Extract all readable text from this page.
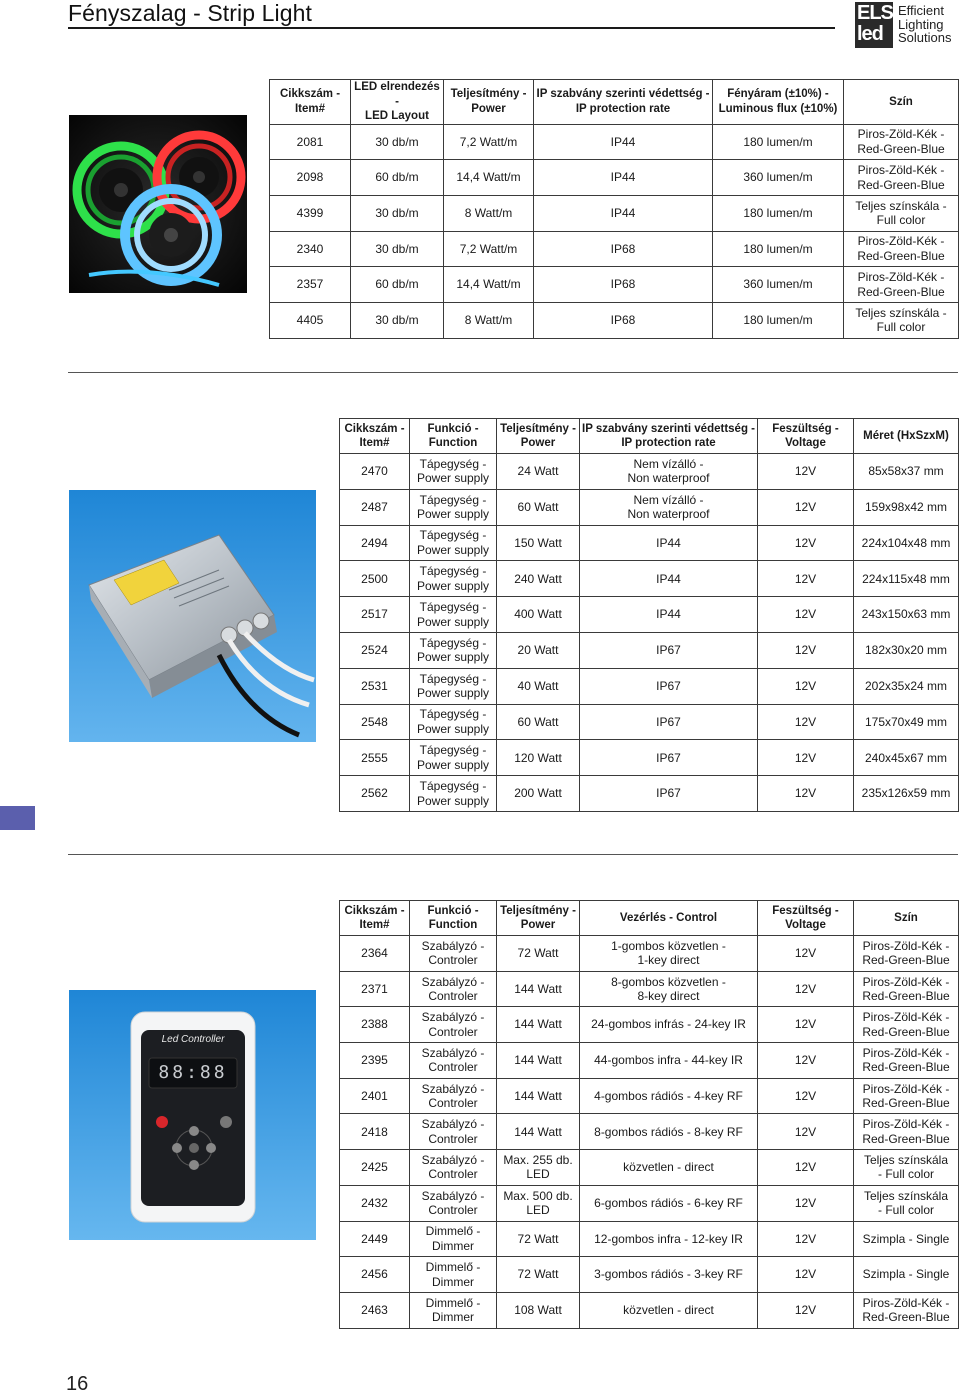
Fényszalag - Strip Light	ELS
led
Efficient
Lighting
Solutions
Cikkszám -
Item#	LED elrendezés -
LED Layout	Teljesítmény -
Power	IP szabvány szerinti védettség -
IP protection rate	Fényáram (±10%) -
Luminous flux (±10%)	Szín
2081	30 db/m	7,2 Watt/m	IP44	180 lumen/m	Piros-Zöld-Kék -
Red-Green-Blue
2098	60 db/m	14,4 Watt/m	IP44	360 lumen/m	Piros-Zöld-Kék -
Red-Green-Blue
4399	30 db/m	8 Watt/m	IP44	180 lumen/m	Teljes színskála -
Full color
2340	30 db/m	7,2 Watt/m	IP68	180 lumen/m	Piros-Zöld-Kék -
Red-Green-Blue
2357	60 db/m	14,4 Watt/m	IP68	360 lumen/m	Piros-Zöld-Kék -
Red-Green-Blue
4405	30 db/m	8 Watt/m	IP68	180 lumen/m	Teljes színskála -
Full color
Cikkszám -
Item#	Funkció -
Function	Teljesítmény -
Power	IP szabvány szerinti védettség -
IP protection rate	Feszültség -
Voltage	Méret (HxSzxM)
2470	Tápegység -
Power supply	24 Watt	Nem vízálló -
Non waterproof	12V	85x58x37 mm
2487	Tápegység -
Power supply	60 Watt	Nem vízálló -
Non waterproof	12V	159x98x42 mm
2494	Tápegység -
Power supply	150 Watt	IP44	12V	224x104x48 mm
2500	Tápegység -
Power supply	240 Watt	IP44	12V	224x115x48 mm
2517	Tápegység -
Power supply	400 Watt	IP44	12V	243x150x63 mm
2524	Tápegység -
Power supply	20 Watt	IP67	12V	182x30x20 mm
2531	Tápegység -
Power supply	40 Watt	IP67	12V	202x35x24 mm
2548	Tápegység -
Power supply	60 Watt	IP67	12V	175x70x49 mm
2555	Tápegység -
Power supply	120 Watt	IP67	12V	240x45x67 mm
2562	Tápegység -
Power supply	200 Watt	IP67	12V	235x126x59 mm
Led Controller
88:88
Cikkszám -
Item#	Funkció -
Function	Teljesítmény -
Power	Vezérlés - Control	Feszültség -
Voltage	Szín
2364	Szabályzó -
Controler	72 Watt	1-gombos közvetlen -
1-key direct	12V	Piros-Zöld-Kék -
Red-Green-Blue
2371	Szabályzó -
Controler	144 Watt	8-gombos közvetlen -
8-key direct	12V	Piros-Zöld-Kék -
Red-Green-Blue
2388	Szabályzó -
Controler	144 Watt	24-gombos infrás - 24-key IR	12V	Piros-Zöld-Kék -
Red-Green-Blue
2395	Szabályzó -
Controler	144 Watt	44-gombos infra - 44-key IR	12V	Piros-Zöld-Kék -
Red-Green-Blue
2401	Szabályzó -
Controler	144 Watt	4-gombos rádiós - 4-key RF	12V	Piros-Zöld-Kék -
Red-Green-Blue
2418	Szabályzó -
Controler	144 Watt	8-gombos rádiós - 8-key RF	12V	Piros-Zöld-Kék -
Red-Green-Blue
2425	Szabályzó -
Controler	Max. 255 db.
LED	közvetlen - direct	12V	Teljes színskála
- Full color
2432	Szabályzó -
Controler	Max. 500 db.
LED	6-gombos rádiós - 6-key RF	12V	Teljes színskála
- Full color
2449	Dimmelő -
Dimmer	72 Watt	12-gombos infra - 12-key IR	12V	Szimpla - Single
2456	Dimmelő -
Dimmer	72 Watt	3-gombos rádiós - 3-key RF	12V	Szimpla - Single
2463	Dimmelő -
Dimmer	108 Watt	közvetlen - direct	12V	Piros-Zöld-Kék -
Red-Green-Blue
16
